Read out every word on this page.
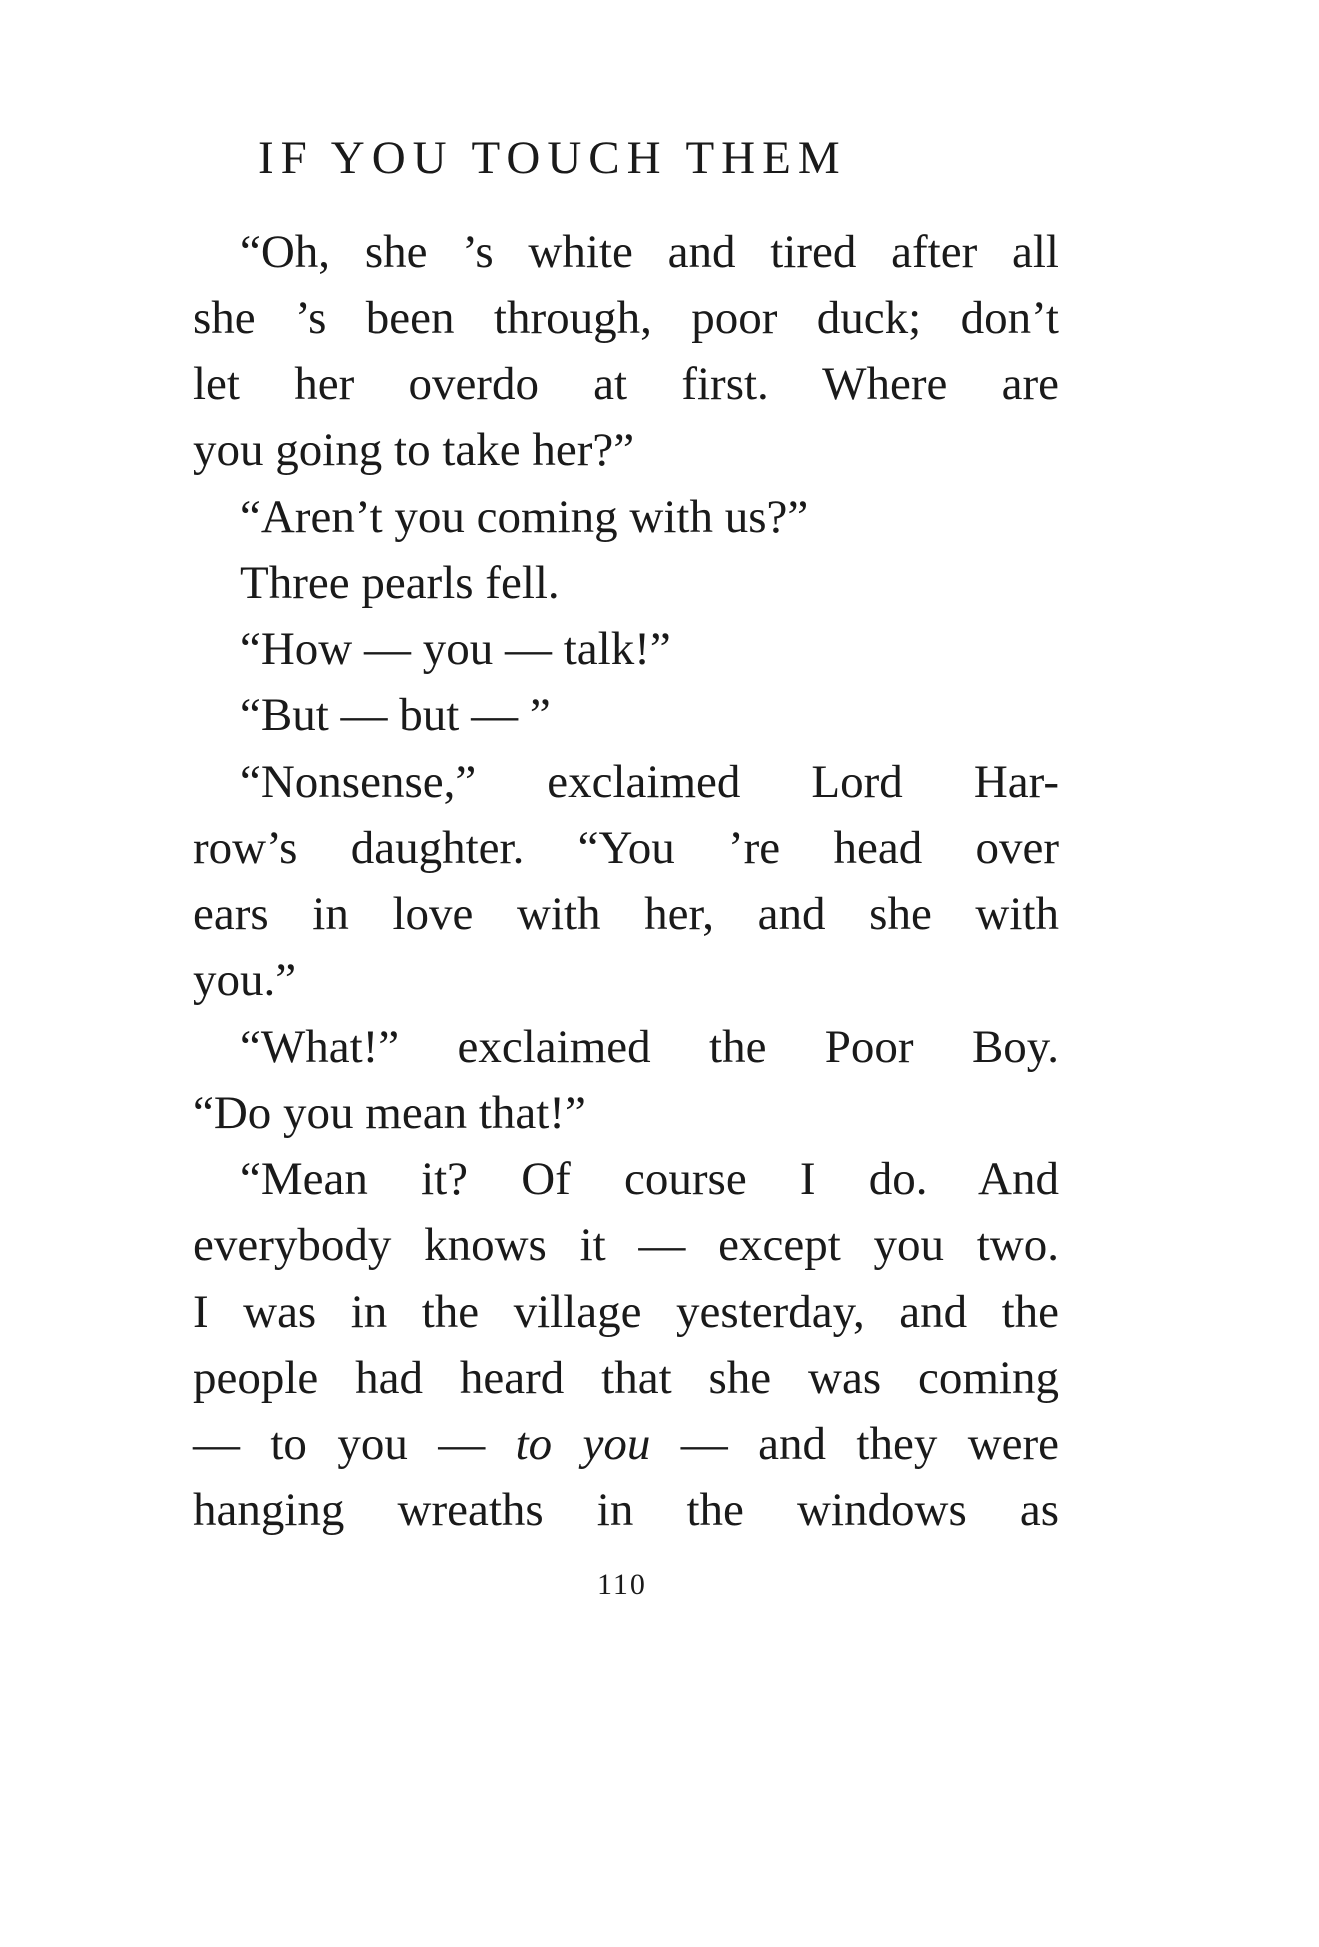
IF YOU TOUCH THEM
“Oh, she ’s white and tired after all
she ’s been through, poor duck; don’t
let her overdo at first. Where are
you going to take her?”
“Aren’t you coming with us?”
Three pearls fell.
“How — you — talk!”
“But — but — ”
“Nonsense,” exclaimed Lord Har-
row’s daughter. “You ’re head over
ears in love with her, and she with
you.”
“What!” exclaimed the Poor Boy.
“Do you mean that!”
“Mean it? Of course I do. And
everybody knows it — except you two.
I was in the village yesterday, and the
people had heard that she was coming
— to you — to you — and they were
hanging wreaths in the windows as
110
